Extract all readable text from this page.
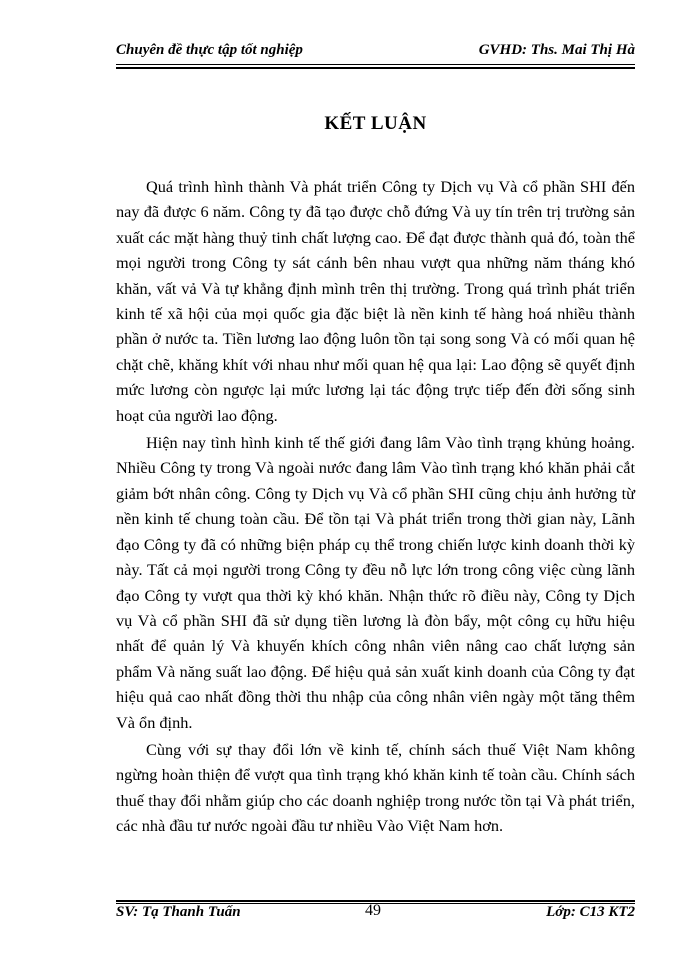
Chuyên đề thực tập tốt nghiệp	GVHD: Ths. Mai Thị Hà
KẾT LUẬN

Quá trình hình thành Và phát triển Công ty Dịch vụ Và cổ phần SHI đến nay đã được 6 năm. Công ty đã tạo được chỗ đứng Và uy tín trên trị trường sản xuất các mặt hàng thuỷ tinh chất lượng cao. Để đạt được thành quả đó, toàn thể mọi người trong Công ty sát cánh bên nhau vượt qua những năm tháng khó khăn, vất vả Và tự khẳng định mình trên thị trường. Trong quá trình phát triển kinh tế xã hội của mọi quốc gia đặc biệt là nền kinh tế hàng hoá nhiều thành phần ở nước ta. Tiền lương lao động luôn tồn tại song song Và có mối quan hệ chặt chẽ, khăng khít với nhau như mối quan hệ qua lại: Lao động sẽ quyết định mức lương còn ngược lại mức lương lại tác động trực tiếp đến đời sống sinh hoạt của người lao động.

Hiện nay tình hình kinh tế thế giới đang lâm Vào tình trạng khủng hoảng. Nhiều Công ty trong Và ngoài nước đang lâm Vào tình trạng khó khăn phải cắt giảm bớt nhân công. Công ty Dịch vụ Và cổ phần SHI cũng chịu ảnh hưởng từ nền kinh tế chung toàn cầu. Để tồn tại Và phát triển trong thời gian này, Lãnh đạo Công ty đã có những biện pháp cụ thể trong chiến lược kinh doanh thời kỳ này. Tất cả mọi người trong Công ty đều nỗ lực lớn trong công việc cùng lãnh đạo Công ty vượt qua thời kỳ khó khăn. Nhận thức rõ điều này, Công ty Dịch vụ Và cổ phần SHI đã sử dụng tiền lương là đòn bẩy, một công cụ hữu hiệu nhất để quản lý Và khuyến khích công nhân viên nâng cao chất lượng sản phẩm Và năng suất lao động. Để hiệu quả sản xuất kinh doanh của Công ty đạt hiệu quả cao nhất đồng thời thu nhập của công nhân viên ngày một tăng thêm Và ổn định.

Cùng với sự thay đổi lớn về kinh tế, chính sách thuế Việt Nam không ngừng hoàn thiện để vượt qua tình trạng khó khăn kinh tế toàn cầu. Chính sách thuế thay đổi nhằm giúp cho các doanh nghiệp trong nước tồn tại Và phát triển, các nhà đầu tư nước ngoài đầu tư nhiều Vào Việt Nam hơn.

SV: Tạ Thanh Tuấn	49	Lớp: C13 KT2
